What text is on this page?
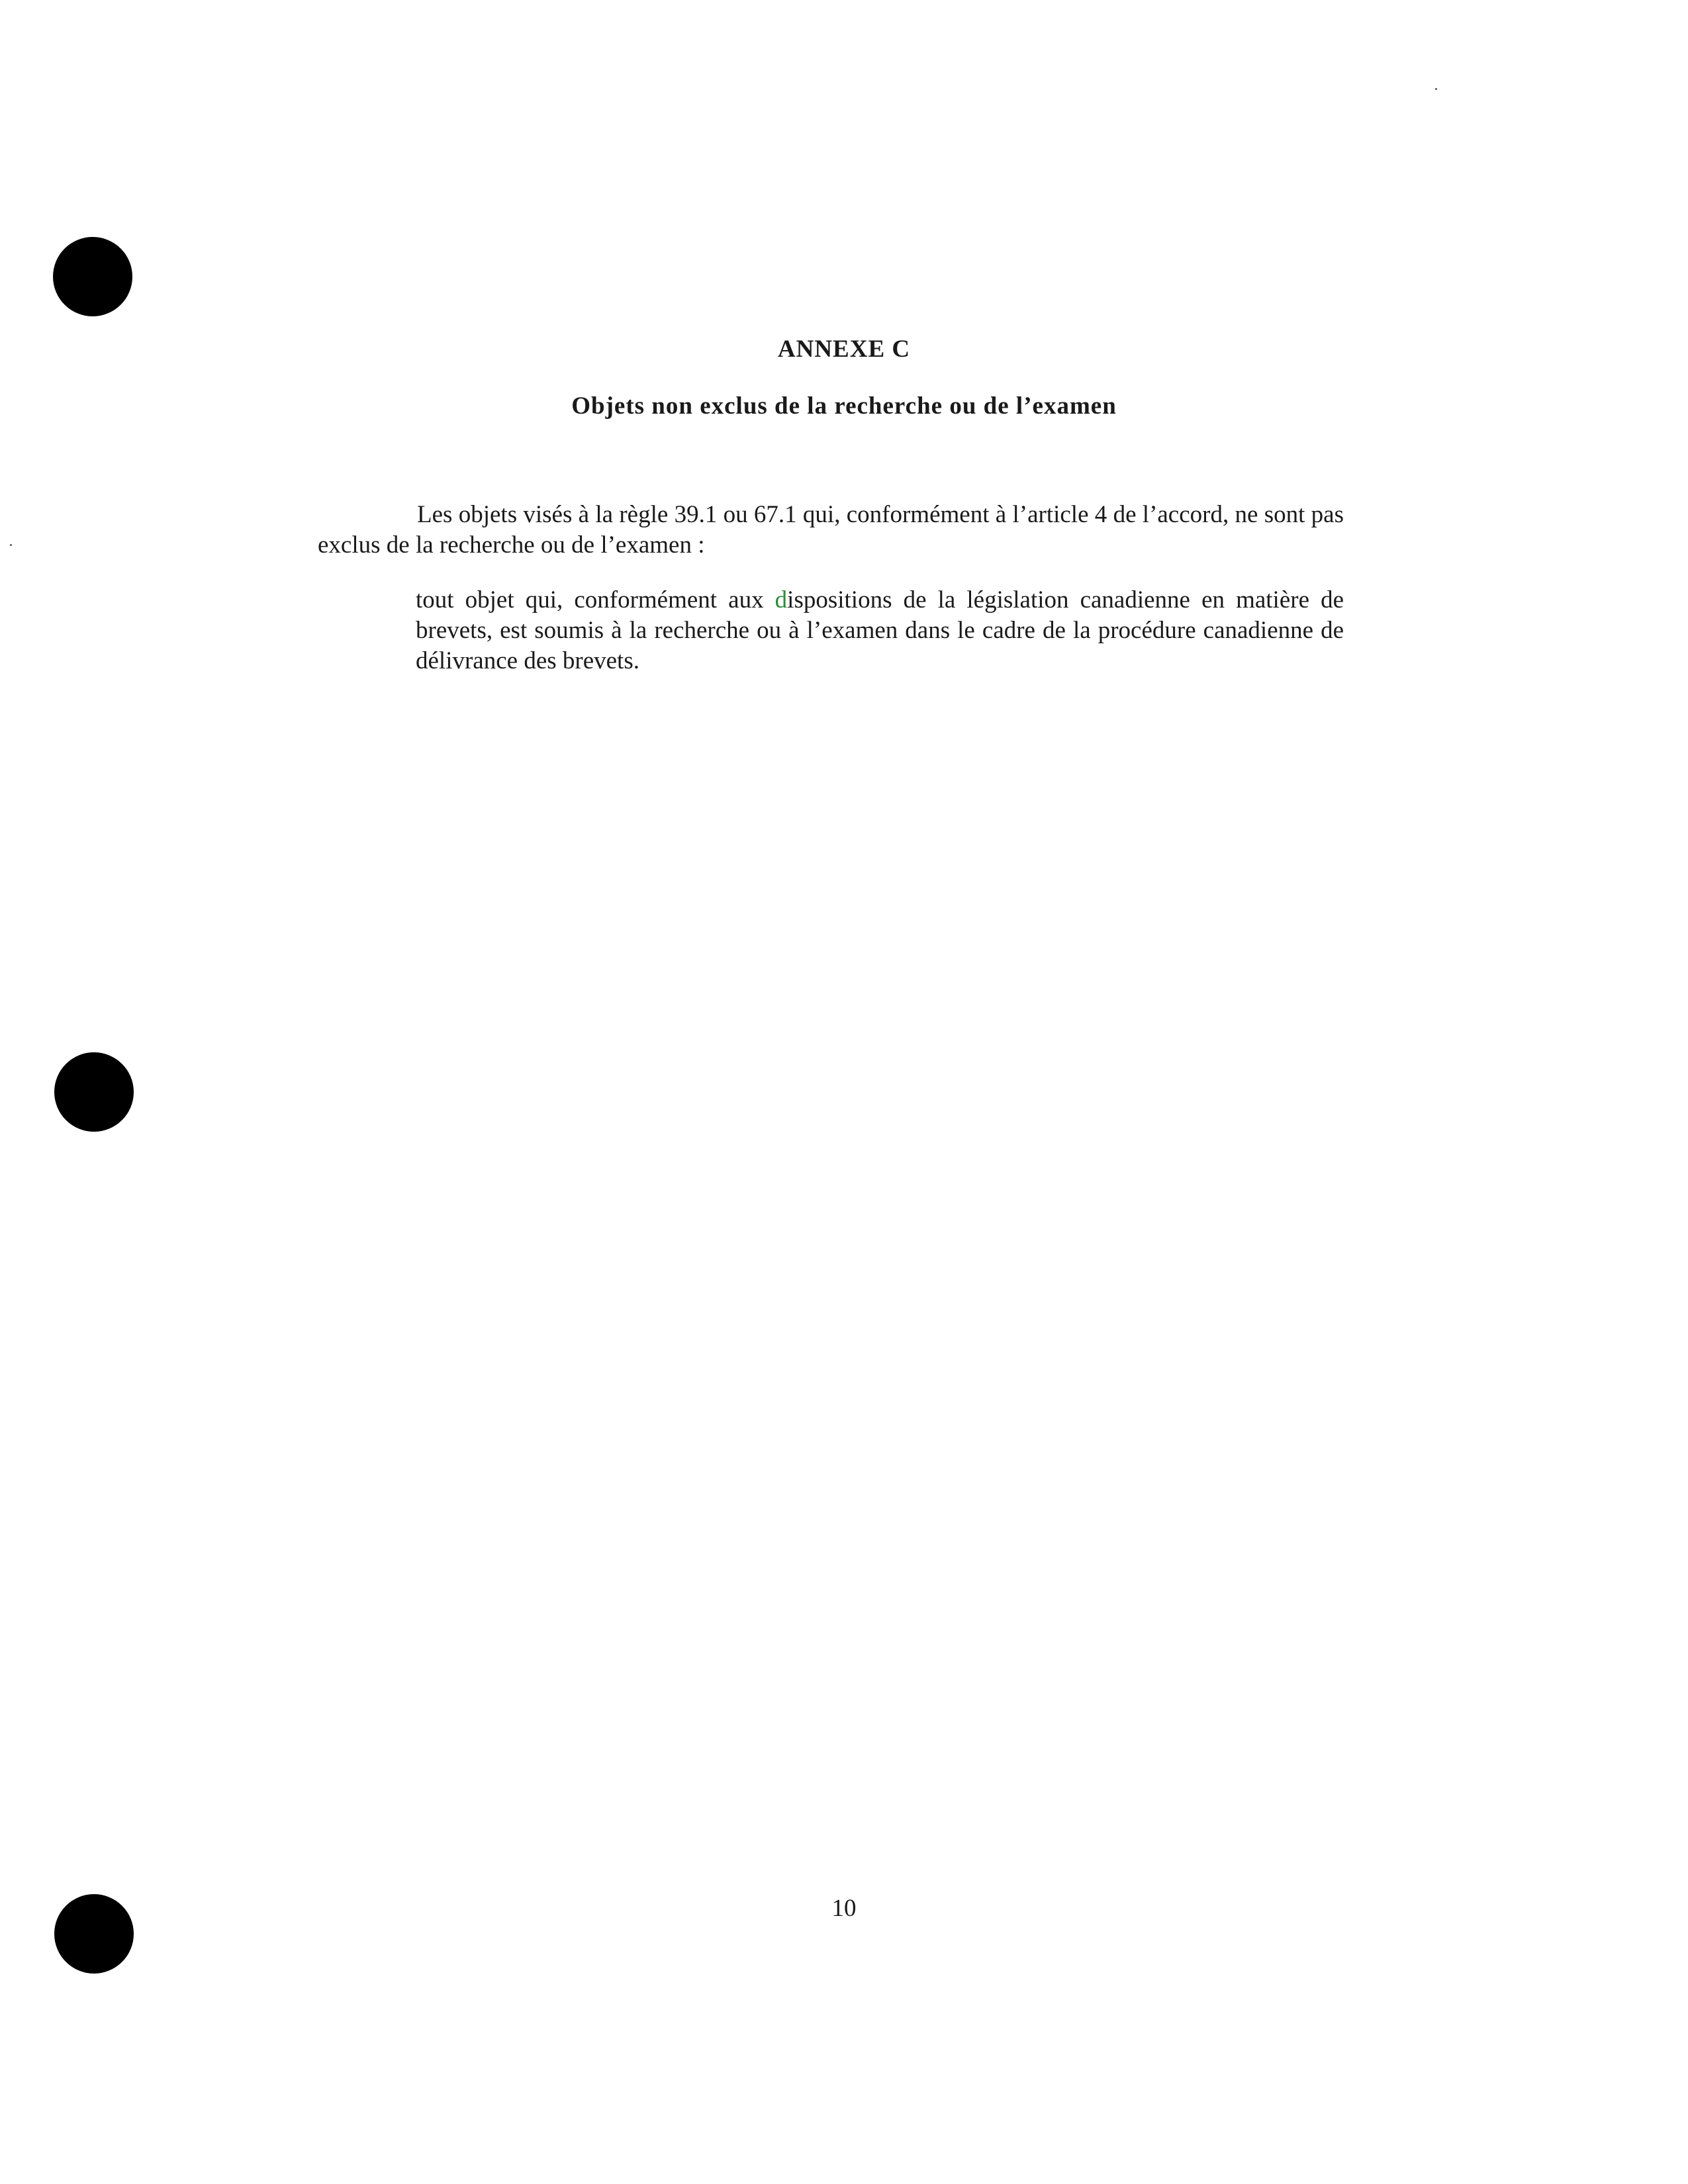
ANNEXE C
Objets non exclus de la recherche ou de l’examen

Les objets visés à la règle 39.1 ou 67.1 qui, conformément à l’article 4 de l’accord, ne sont pas exclus de la recherche ou de l’examen :

tout objet qui, conformément aux dispositions de la législation canadienne en matière de brevets, est soumis à la recherche ou à l’examen dans le cadre de la procédure canadienne de délivrance des brevets.

10
